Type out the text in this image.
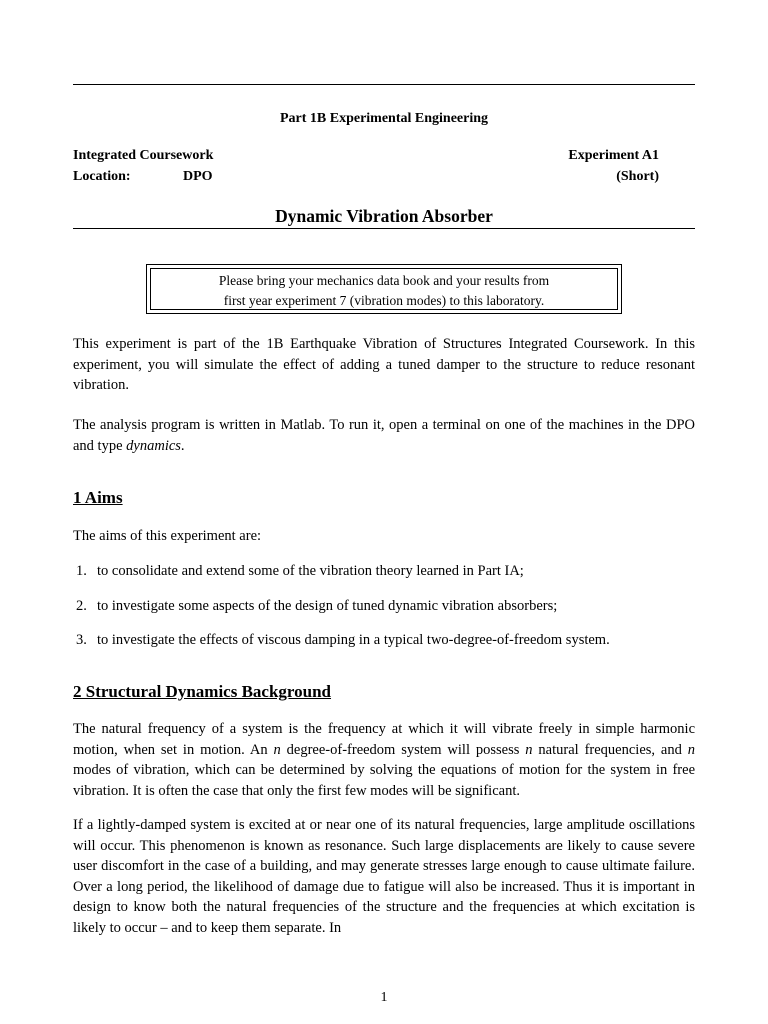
Part 1B Experimental Engineering
Integrated Coursework	Experiment A1
Location:	DPO	(Short)
Dynamic Vibration Absorber
Please bring your mechanics data book and your results from
first year experiment 7 (vibration modes) to this laboratory.
This experiment is part of the 1B Earthquake Vibration of Structures Integrated Coursework. In this experiment, you will simulate the effect of adding a tuned damper to the structure to reduce resonant vibration.
The analysis program is written in Matlab. To run it, open a terminal on one of the machines in the DPO and type dynamics.
1 Aims
The aims of this experiment are:
1. to consolidate and extend some of the vibration theory learned in Part IA;
2. to investigate some aspects of the design of tuned dynamic vibration absorbers;
3. to investigate the effects of viscous damping in a typical two-degree-of-freedom system.
2 Structural Dynamics Background
The natural frequency of a system is the frequency at which it will vibrate freely in simple harmonic motion, when set in motion. An n degree-of-freedom system will possess n natural frequencies, and n modes of vibration, which can be determined by solving the equations of motion for the system in free vibration. It is often the case that only the first few modes will be significant.
If a lightly-damped system is excited at or near one of its natural frequencies, large amplitude oscillations will occur. This phenomenon is known as resonance. Such large displacements are likely to cause severe user discomfort in the case of a building, and may generate stresses large enough to cause ultimate failure. Over a long period, the likelihood of damage due to fatigue will also be increased. Thus it is important in design to know both the natural frequencies of the structure and the frequencies at which excitation is likely to occur – and to keep them separate. In
1
